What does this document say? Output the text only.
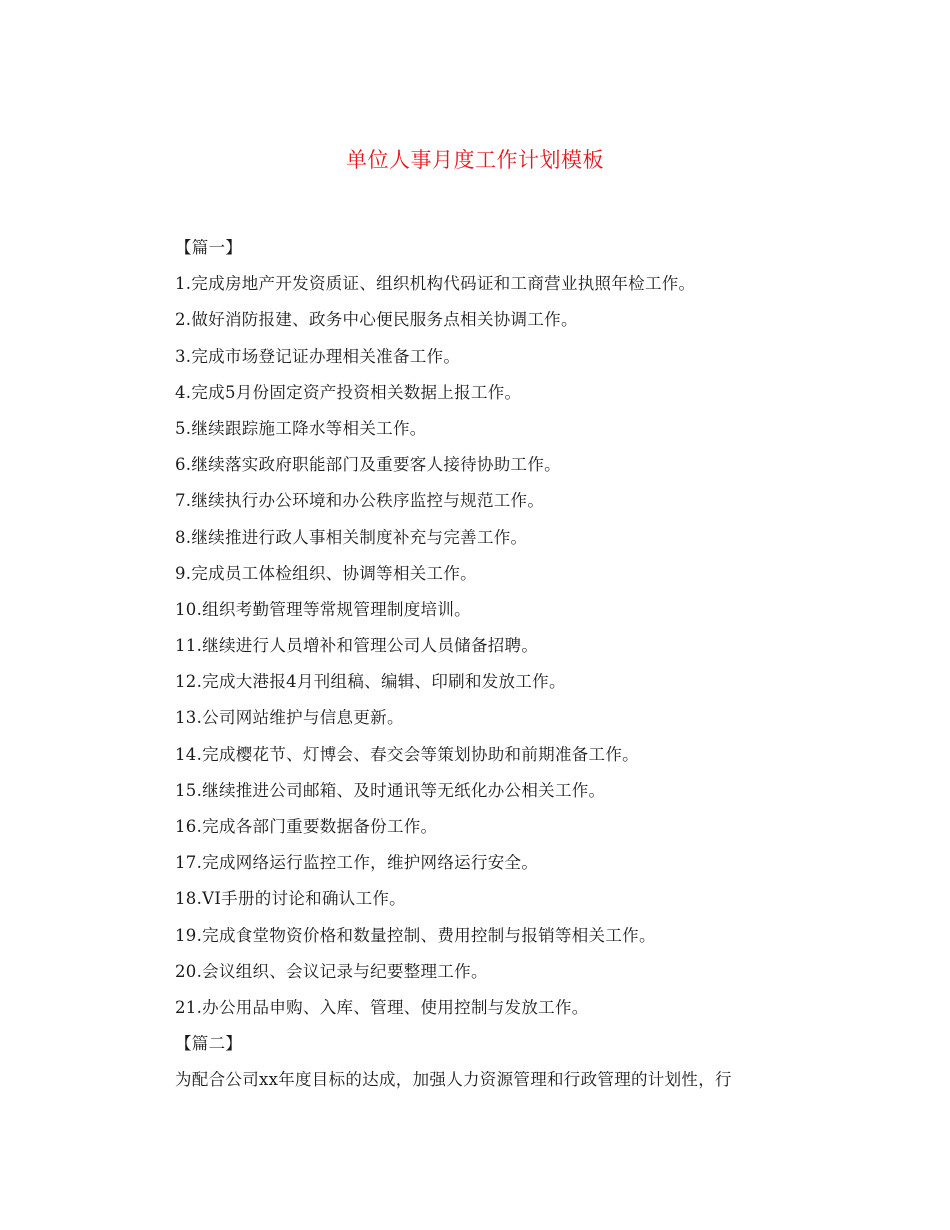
单位人事月度工作计划模板
【篇一】
1.完成房地产开发资质证、组织机构代码证和工商营业执照年检工作。
2.做好消防报建、政务中心便民服务点相关协调工作。
3.完成市场登记证办理相关准备工作。
4.完成5月份固定资产投资相关数据上报工作。
5.继续跟踪施工降水等相关工作。
6.继续落实政府职能部门及重要客人接待协助工作。
7.继续执行办公环境和办公秩序监控与规范工作。
8.继续推进行政人事相关制度补充与完善工作。
9.完成员工体检组织、协调等相关工作。
10.组织考勤管理等常规管理制度培训。
11.继续进行人员增补和管理公司人员储备招聘。
12.完成大港报4月刊组稿、编辑、印刷和发放工作。
13.公司网站维护与信息更新。
14.完成樱花节、灯博会、春交会等策划协助和前期准备工作。
15.继续推进公司邮箱、及时通讯等无纸化办公相关工作。
16.完成各部门重要数据备份工作。
17.完成网络运行监控工作，维护网络运行安全。
18.VI手册的讨论和确认工作。
19.完成食堂物资价格和数量控制、费用控制与报销等相关工作。
20.会议组织、会议记录与纪要整理工作。
21.办公用品申购、入库、管理、使用控制与发放工作。
【篇二】
为配合公司xx年度目标的达成，加强人力资源管理和行政管理的计划性，行
